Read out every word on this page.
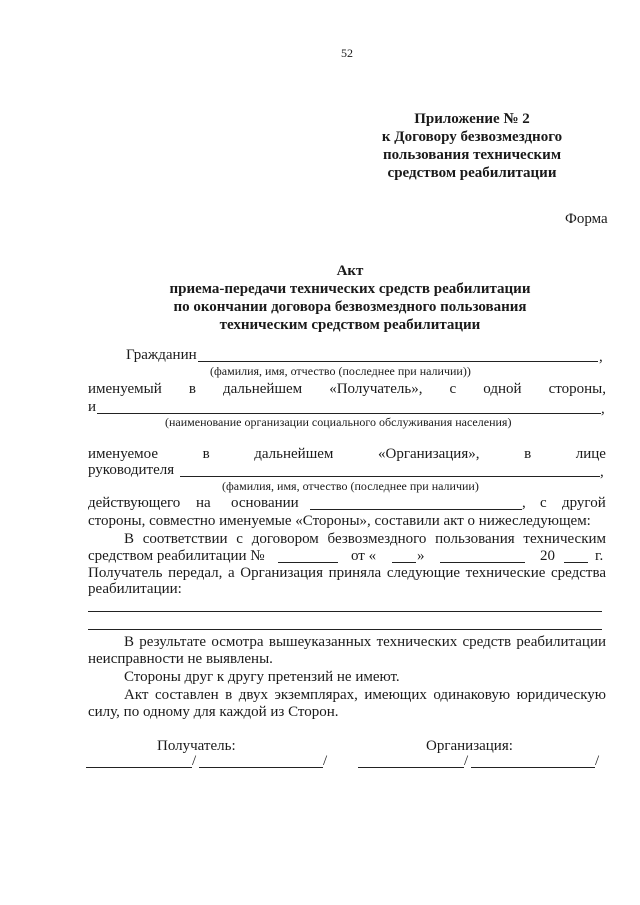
52
Приложение № 2
к Договору безвозмездного
пользования техническим
средством реабилитации
Форма
Акт
приема-передачи технических средств реабилитации
по окончании договора безвозмездного пользования
техническим средством реабилитации
Гражданин	,
(фамилия, имя, отчество (последнее при наличии))
именуемый в дальнейшем «Получатель», с одной стороны,
и	,
(наименование организации социального обслуживания населения)
именуемое	в	дальнейшем	«Организация»,	в	лице
руководителя	,
(фамилия, имя, отчество (последнее при наличии)
действующего на основании	, с другой
стороны, совместно именуемые «Стороны», составили акт о нижеследующем:
В соответствии с договором безвозмездного пользования техническим
средством реабилитации №	от «	»	20	г.
Получатель передал, а Организация приняла следующие технические средства
реабилитации:
В результате осмотра вышеуказанных технических средств реабилитации
неисправности не выявлены.
Стороны друг к другу претензий не имеют.
Акт составлен в двух экземплярах, имеющих одинаковую юридическую
силу, по одному для каждой из Сторон.
Получатель:	Организация:
/	/	/	/
